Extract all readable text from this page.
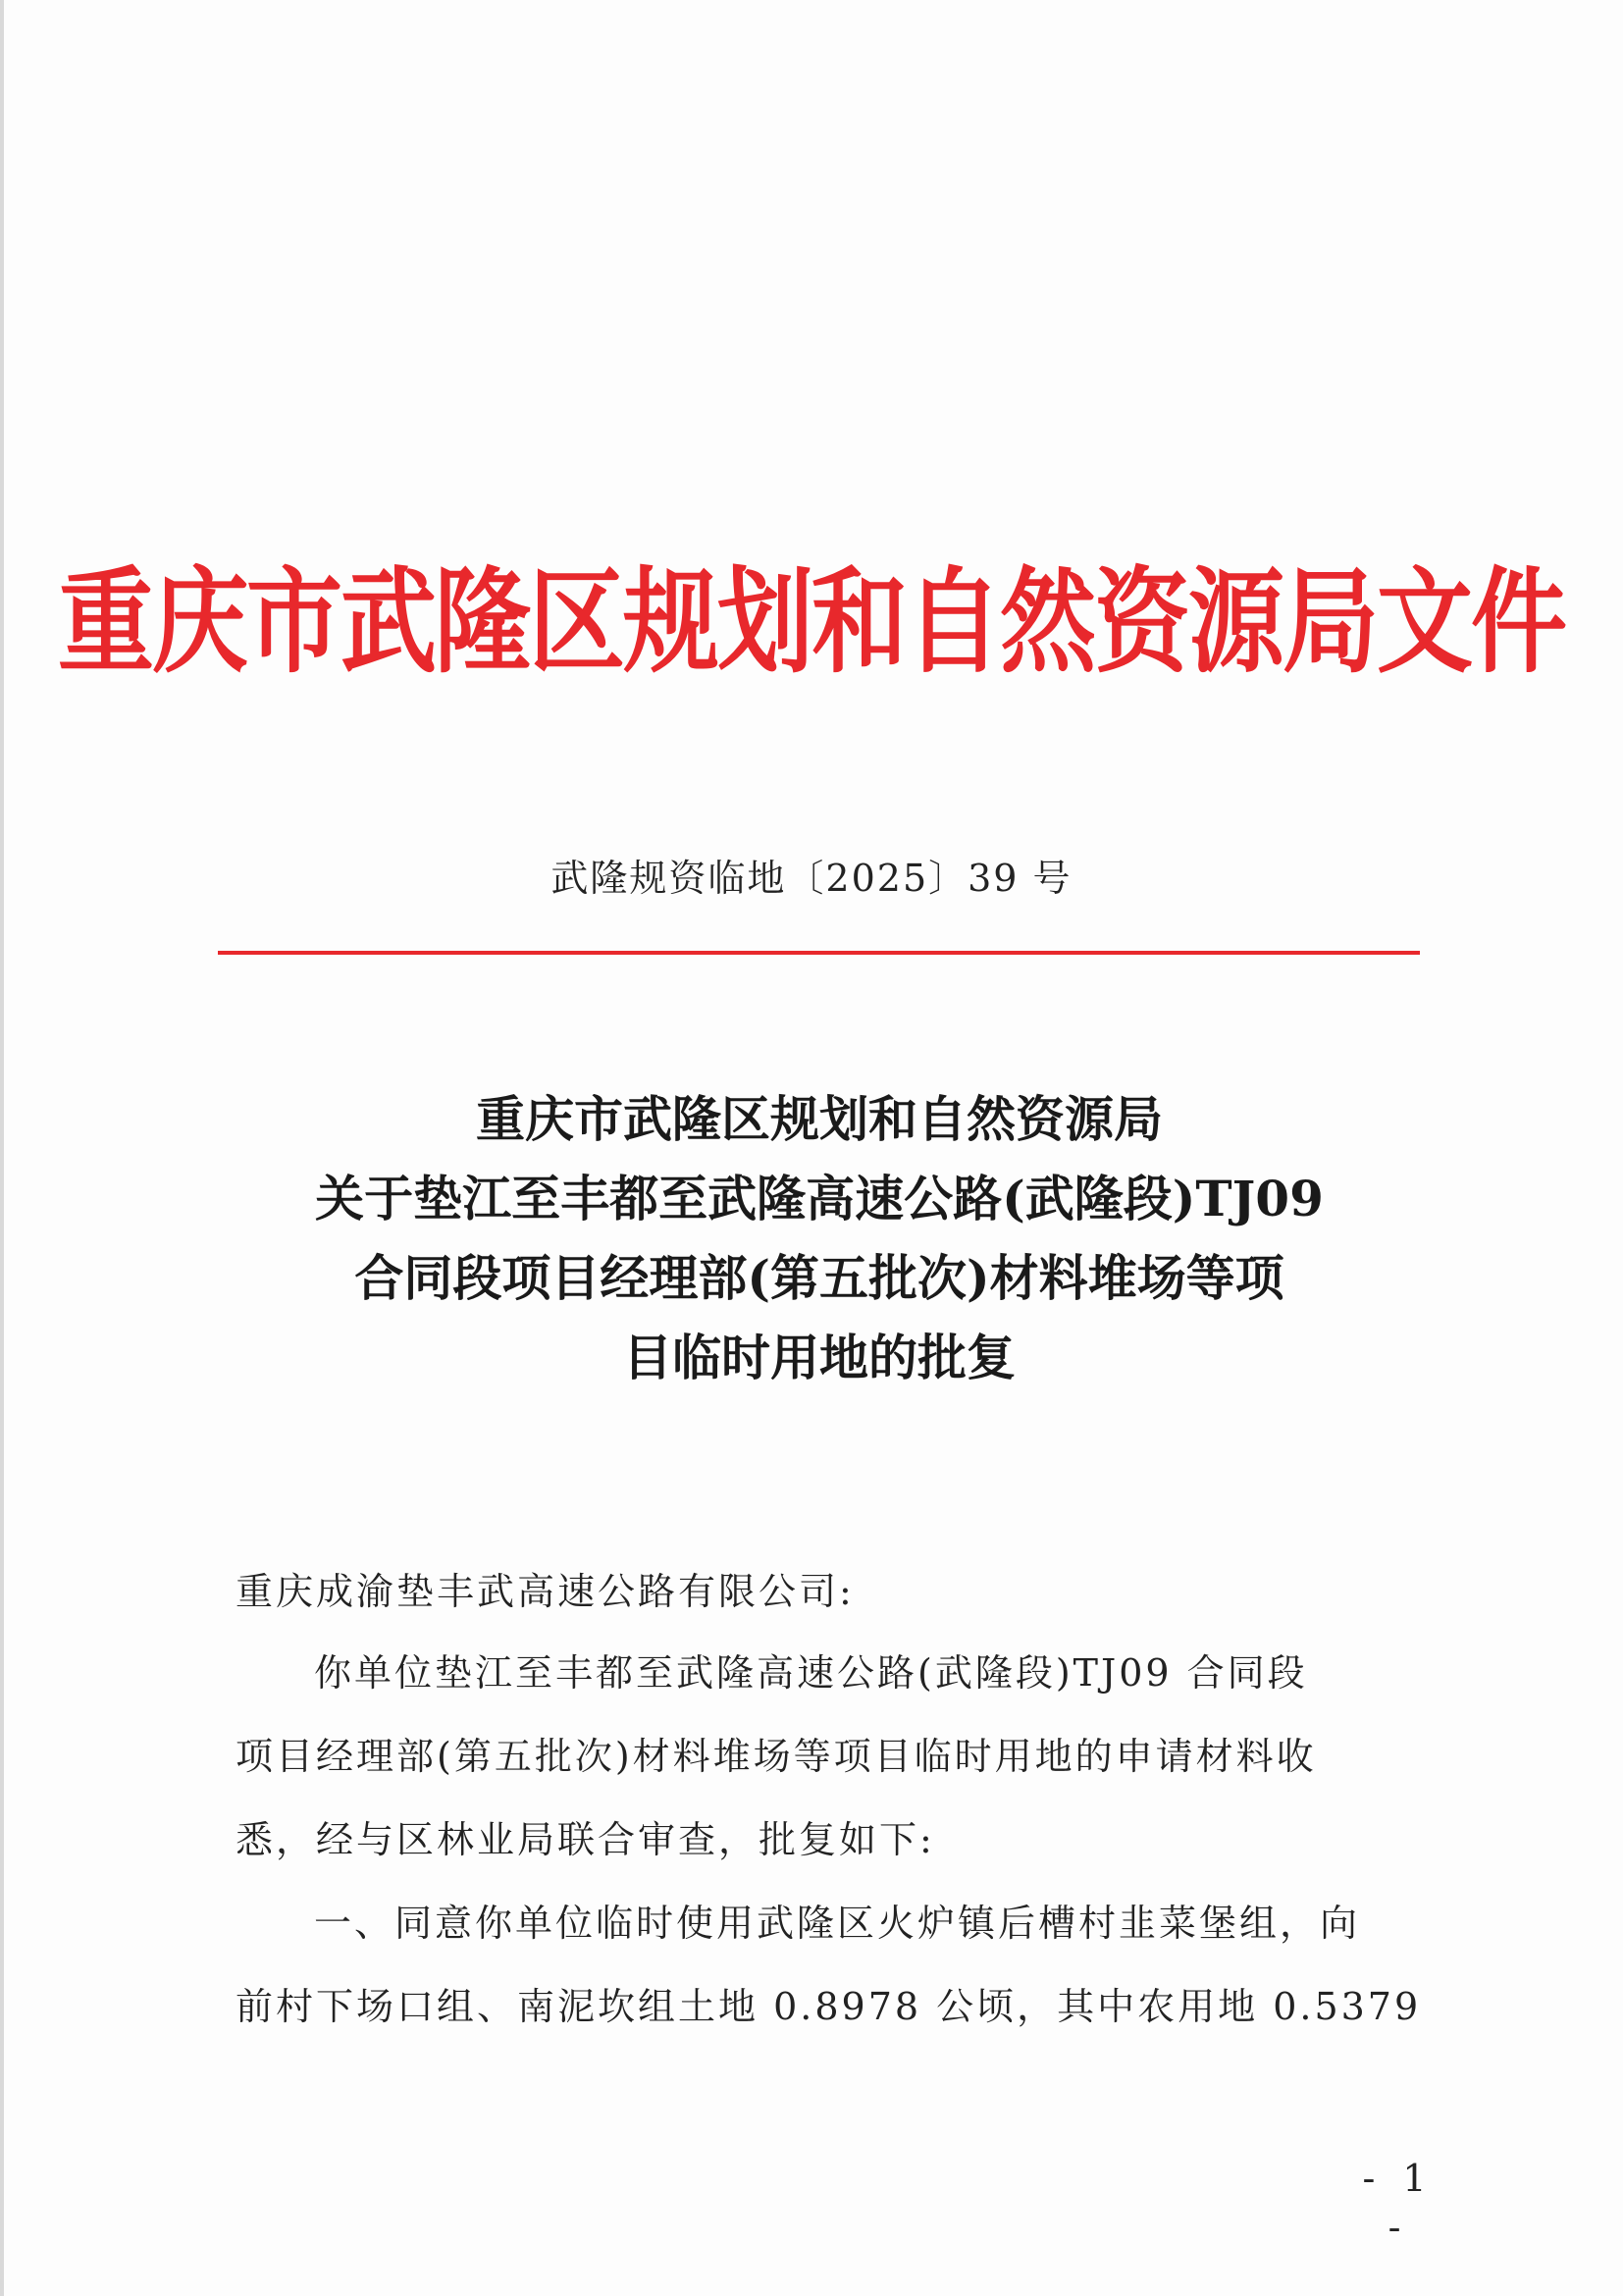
重庆市武隆区规划和自然资源局文件
武隆规资临地〔2025〕39 号
重庆市武隆区规划和自然资源局
关于垫江至丰都至武隆高速公路(武隆段)TJ09
合同段项目经理部(第五批次)材料堆场等项
目临时用地的批复
重庆成渝垫丰武高速公路有限公司:
你单位垫江至丰都至武隆高速公路(武隆段)TJ09 合同段
项目经理部(第五批次)材料堆场等项目临时用地的申请材料收
悉，经与区林业局联合审查，批复如下:
一、同意你单位临时使用武隆区火炉镇后槽村韭菜堡组，向
前村下场口组、南泥坎组土地 0.8978 公顷，其中农用地 0.5379
- 1 -
